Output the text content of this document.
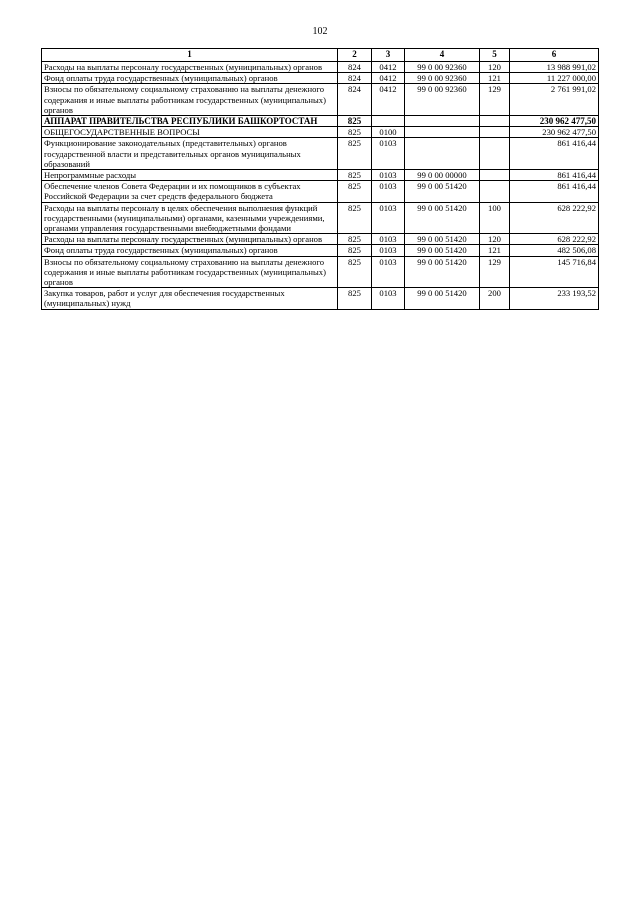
102
1	2	3	4	5	6
Расходы на выплаты персоналу государственных (муниципальных) органов	824	0412	99 0 00 92360	120	13 988 991,02
Фонд оплаты труда государственных (муниципальных) органов	824	0412	99 0 00 92360	121	11 227 000,00
Взносы по обязательному социальному страхованию на выплаты денежного содержания и иные выплаты работникам государственных (муниципальных) органов	824	0412	99 0 00 92360	129	2 761 991,02
АППАРАТ ПРАВИТЕЛЬСТВА РЕСПУБЛИКИ БАШКОРТОСТАН	825				230 962 477,50
ОБЩЕГОСУДАРСТВЕННЫЕ ВОПРОСЫ	825	0100			230 962 477,50
Функционирование законодательных (представительных) органов государственной власти и представительных органов муниципальных образований	825	0103			861 416,44
Непрограммные расходы	825	0103	99 0 00 00000		861 416,44
Обеспечение членов Совета Федерации и их помощников в субъектах Российской Федерации за счет средств федерального бюджета	825	0103	99 0 00 51420		861 416,44
Расходы на выплаты персоналу в целях обеспечения выполнения функций государственными (муниципальными) органами, казенными учреждениями, органами управления государственными внебюджетными фондами	825	0103	99 0 00 51420	100	628 222,92
Расходы на выплаты персоналу государственных (муниципальных) органов	825	0103	99 0 00 51420	120	628 222,92
Фонд оплаты труда государственных (муниципальных) органов	825	0103	99 0 00 51420	121	482 506,08
Взносы по обязательному социальному страхованию на выплаты денежного содержания и иные выплаты работникам государственных (муниципальных) органов	825	0103	99 0 00 51420	129	145 716,84
Закупка товаров, работ и услуг для обеспечения государственных (муниципальных) нужд	825	0103	99 0 00 51420	200	233 193,52
